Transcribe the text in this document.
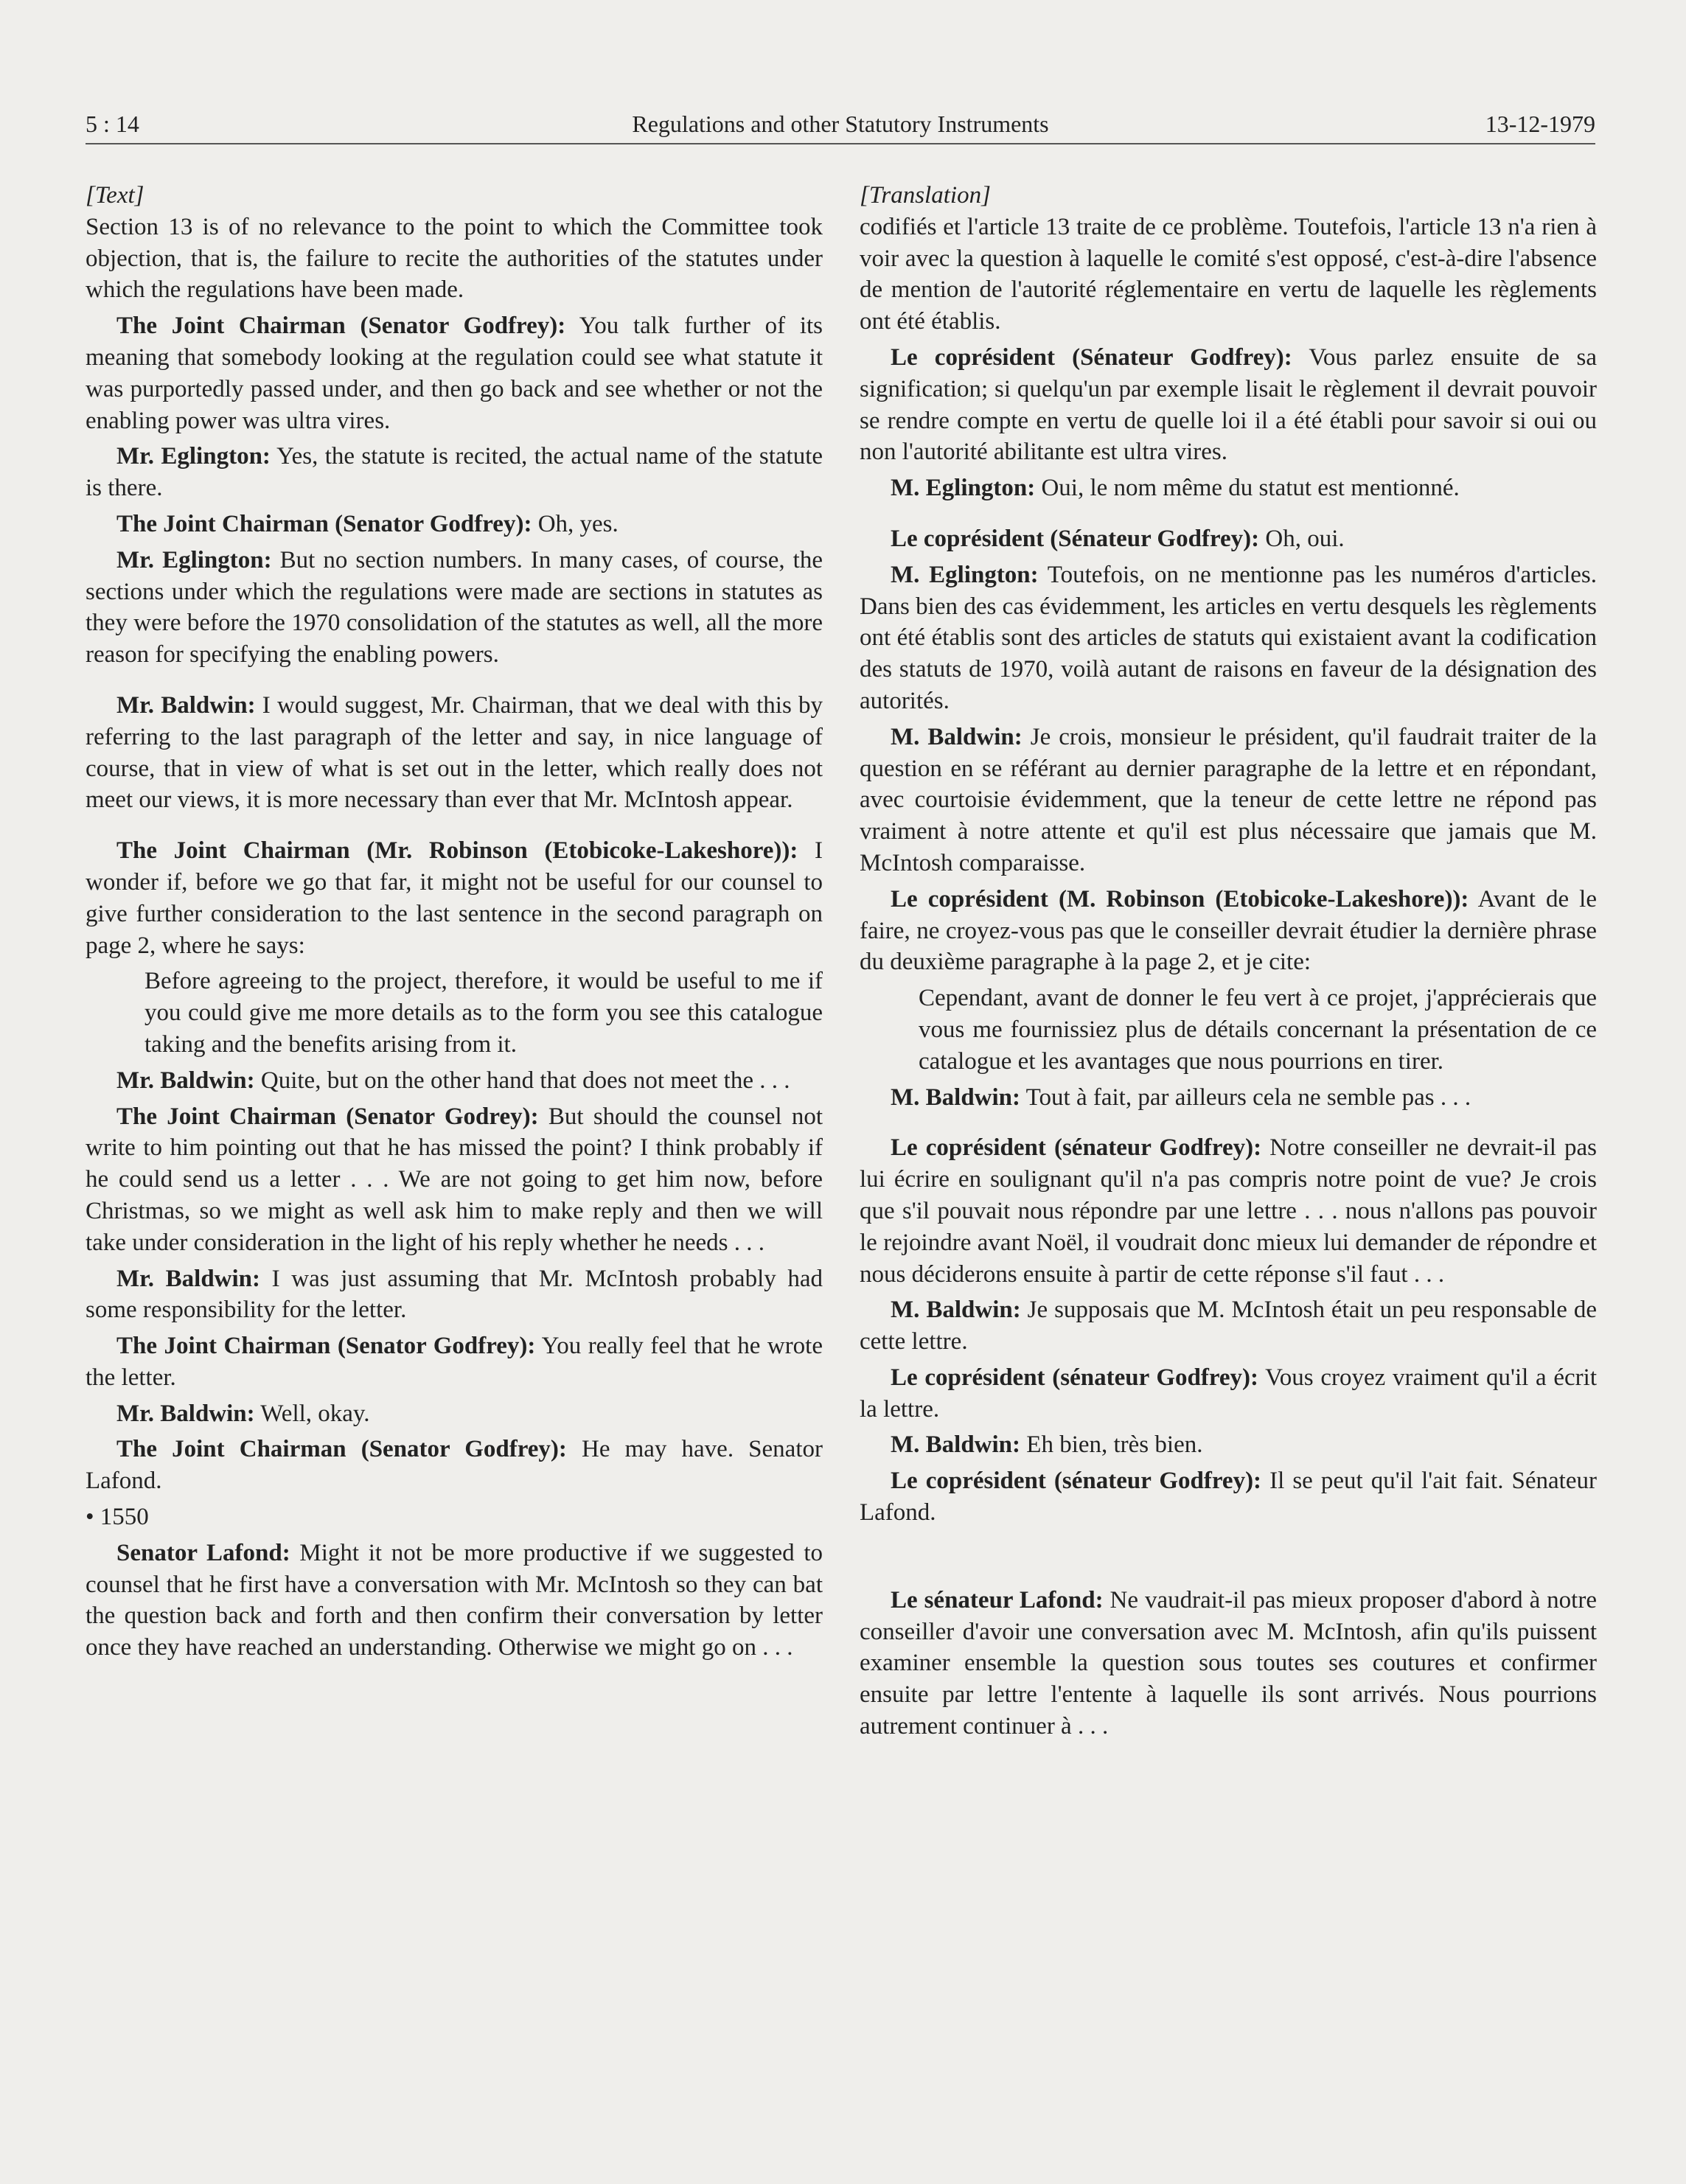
5 : 14	Regulations and other Statutory Instruments	13-12-1979

[Text]

Section 13 is of no relevance to the point to which the Committee took objection, that is, the failure to recite the authorities of the statutes under which the regulations have been made.

The Joint Chairman (Senator Godfrey): You talk further of its meaning that somebody looking at the regulation could see what statute it was purportedly passed under, and then go back and see whether or not the enabling power was ultra vires.

Mr. Eglington: Yes, the statute is recited, the actual name of the statute is there.

The Joint Chairman (Senator Godfrey): Oh, yes.

Mr. Eglington: But no section numbers. In many cases, of course, the sections under which the regulations were made are sections in statutes as they were before the 1970 consolidation of the statutes as well, all the more reason for specifying the enabling powers.

Mr. Baldwin: I would suggest, Mr. Chairman, that we deal with this by referring to the last paragraph of the letter and say, in nice language of course, that in view of what is set out in the letter, which really does not meet our views, it is more necessary than ever that Mr. McIntosh appear.

The Joint Chairman (Mr. Robinson (Etobicoke-Lakeshore)): I wonder if, before we go that far, it might not be useful for our counsel to give further consideration to the last sentence in the second paragraph on page 2, where he says:

Before agreeing to the project, therefore, it would be useful to me if you could give me more details as to the form you see this catalogue taking and the benefits arising from it.

Mr. Baldwin: Quite, but on the other hand that does not meet the . . .

The Joint Chairman (Senator Godrey): But should the counsel not write to him pointing out that he has missed the point? I think probably if he could send us a letter . . . We are not going to get him now, before Christmas, so we might as well ask him to make reply and then we will take under consideration in the light of his reply whether he needs . . .

Mr. Baldwin: I was just assuming that Mr. McIntosh probably had some responsibility for the letter.

The Joint Chairman (Senator Godfrey): You really feel that he wrote the letter.

Mr. Baldwin: Well, okay.

The Joint Chairman (Senator Godfrey): He may have. Senator Lafond.

• 1550

Senator Lafond: Might it not be more productive if we suggested to counsel that he first have a conversation with Mr. McIntosh so they can bat the question back and forth and then confirm their conversation by letter once they have reached an understanding. Otherwise we might go on . . .

[Translation]

codifiés et l'article 13 traite de ce problème. Toutefois, l'article 13 n'a rien à voir avec la question à laquelle le comité s'est opposé, c'est-à-dire l'absence de mention de l'autorité réglementaire en vertu de laquelle les règlements ont été établis.

Le coprésident (Sénateur Godfrey): Vous parlez ensuite de sa signification; si quelqu'un par exemple lisait le règlement il devrait pouvoir se rendre compte en vertu de quelle loi il a été établi pour savoir si oui ou non l'autorité abilitante est ultra vires.

M. Eglington: Oui, le nom même du statut est mentionné.

Le coprésident (Sénateur Godfrey): Oh, oui.

M. Eglington: Toutefois, on ne mentionne pas les numéros d'articles. Dans bien des cas évidemment, les articles en vertu desquels les règlements ont été établis sont des articles de statuts qui existaient avant la codification des statuts de 1970, voilà autant de raisons en faveur de la désignation des autorités.

M. Baldwin: Je crois, monsieur le président, qu'il faudrait traiter de la question en se référant au dernier paragraphe de la lettre et en répondant, avec courtoisie évidemment, que la teneur de cette lettre ne répond pas vraiment à notre attente et qu'il est plus nécessaire que jamais que M. McIntosh comparaisse.

Le coprésident (M. Robinson (Etobicoke-Lakeshore)): Avant de le faire, ne croyez-vous pas que le conseiller devrait étudier la dernière phrase du deuxième paragraphe à la page 2, et je cite:

Cependant, avant de donner le feu vert à ce projet, j'apprécierais que vous me fournissiez plus de détails concernant la présentation de ce catalogue et les avantages que nous pourrions en tirer.

M. Baldwin: Tout à fait, par ailleurs cela ne semble pas . . .

Le coprésident (sénateur Godfrey): Notre conseiller ne devrait-il pas lui écrire en soulignant qu'il n'a pas compris notre point de vue? Je crois que s'il pouvait nous répondre par une lettre . . . nous n'allons pas pouvoir le rejoindre avant Noël, il voudrait donc mieux lui demander de répondre et nous déciderons ensuite à partir de cette réponse s'il faut . . .

M. Baldwin: Je supposais que M. McIntosh était un peu responsable de cette lettre.

Le coprésident (sénateur Godfrey): Vous croyez vraiment qu'il a écrit la lettre.

M. Baldwin: Eh bien, très bien.

Le coprésident (sénateur Godfrey): Il se peut qu'il l'ait fait. Sénateur Lafond.

Le sénateur Lafond: Ne vaudrait-il pas mieux proposer d'abord à notre conseiller d'avoir une conversation avec M. McIntosh, afin qu'ils puissent examiner ensemble la question sous toutes ses coutures et confirmer ensuite par lettre l'entente à laquelle ils sont arrivés. Nous pourrions autrement continuer à . . .
